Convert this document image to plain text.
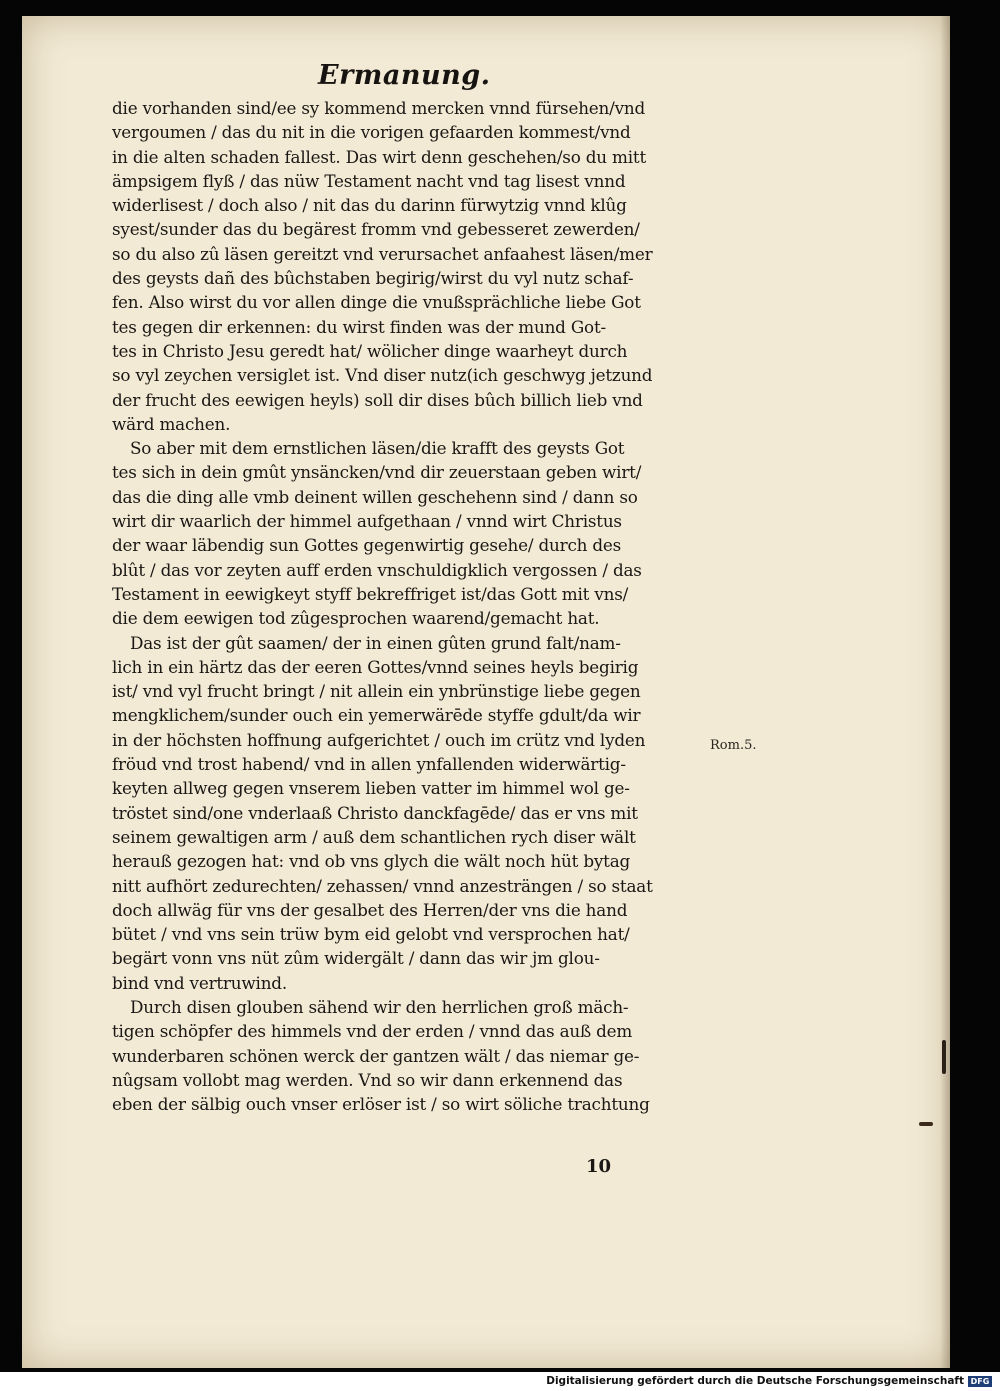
Ermanung.
die vorhanden sind/ee sy kommend mercken vnnd fürsehen/vnd
vergoumen / das du nit in die vorigen gefaarden kommest/vnd
in die alten schaden fallest. Das wirt denn geschehen/so du mitt
ämpsigem flyß / das nüw Testament nacht vnd tag lisest vnnd
widerlisest / doch also / nit das du darinn fürwytzig vnnd klûg
syest/sunder das du begärest fromm vnd gebesseret zewerden/
so du also zû läsen gereitzt vnd verursachet anfaahest läsen/mer
des geysts dañ des bûchstaben begirig/wirst du vyl nutz schaf-
fen. Also wirst du vor allen dinge die vnußsprächliche liebe Got
tes gegen dir erkennen: du wirst finden was der mund Got-
tes in Christo Jesu geredt hat/ wölicher dinge waarheyt durch
so vyl zeychen versiglet ist. Vnd diser nutz(ich geschwyg jetzund
der frucht des eewigen heyls) soll dir dises bûch billich lieb vnd
wärd machen.
So aber mit dem ernstlichen läsen/die krafft des geysts Got
tes sich in dein gmût ynsäncken/vnd dir zeuerstaan geben wirt/
das die ding alle vmb deinent willen geschehenn sind / dann so
wirt dir waarlich der himmel aufgethaan / vnnd wirt Christus
der waar läbendig sun Gottes gegenwirtig gesehe/ durch des
blût / das vor zeyten auff erden vnschuldigklich vergossen / das
Testament in eewigkeyt styff bekreffriget ist/das Gott mit vns/
die dem eewigen tod zûgesprochen waarend/gemacht hat.
Das ist der gût saamen/ der in einen gûten grund falt/nam-
lich in ein härtz das der eeren Gottes/vnnd seines heyls begirig
ist/ vnd vyl frucht bringt / nit allein ein ynbrünstige liebe gegen
mengklichem/sunder ouch ein yemerwärēde styffe gdult/da wir
in der höchsten hoffnung aufgerichtet / ouch im crütz vnd lyden
fröud vnd trost habend/ vnd in allen ynfallenden widerwärtig-
keyten allweg gegen vnserem lieben vatter im himmel wol ge-
tröstet sind/one vnderlaaß Christo danckfagēde/ das er vns mit
seinem gewaltigen arm / auß dem schantlichen rych diser wält
herauß gezogen hat: vnd ob vns glych die wält noch hüt bytag
nitt aufhört zedurechten/ zehassen/ vnnd anzesträngen / so staat
doch allwäg für vns der gesalbet des Herren/der vns die hand
bütet / vnd vns sein trüw bym eid gelobt vnd versprochen hat/
begärt vonn vns nüt zûm widergält / dann das wir jm glou-
bind vnd vertruwind.
Durch disen glouben sähend wir den herrlichen groß mäch-
tigen schöpfer des himmels vnd der erden / vnnd das auß dem
wunderbaren schönen werck der gantzen wält / das niemar ge-
nûgsam vollobt mag werden. Vnd so wir dann erkennend das
eben der sälbig ouch vnser erlöser ist / so wirt söliche trachtung
Rom.5.
10
Digitalisierung gefördert durch die Deutsche Forschungsgemeinschaft DFG
